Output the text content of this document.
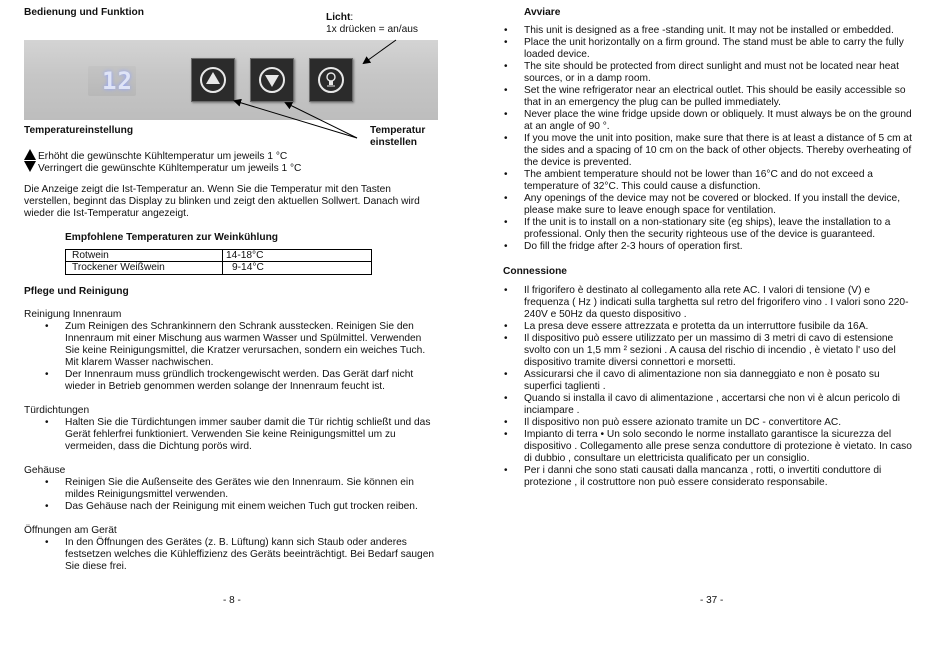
Bedienung und Funktion	Licht:
1x drücken = an/aus
12
Temperatureinstellung	Temperatur
einstellen
Erhöht die gewünschte Kühltemperatur um jeweils 1 °C
Verringert die gewünschte Kühltemperatur um jeweils 1 °C

Die Anzeige zeigt die Ist-Temperatur an. Wenn Sie die Temperatur mit den Tasten

verstellen, beginnt das Display zu blinken und zeigt den aktuellen Sollwert. Danach wird

wieder die Ist-Temperatur angezeigt.

Empfohlene Temperaturen zur Weinkühlung
Rotwein	14-18°C
Trockener Weißwein	9-14°C
Pflege und Reinigung
Reinigung Innenraum

• Zum Reinigen des Schrankinnern den Schrank ausstecken. Reinigen Sie den

Innenraum mit einer Mischung aus warmen Wasser und Spülmittel. Verwenden

Sie keine Reinigungsmittel, die Kratzer verursachen, sondern ein weiches Tuch.

Mit klarem Wasser nachwischen.

• Der Innenraum muss gründlich trockengewischt werden. Das Gerät darf nicht

wieder in Betrieb genommen werden solange der Innenraum feucht ist.

Türdichtungen

• Halten Sie die Türdichtungen immer sauber damit die Tür richtig schließt und das

Gerät fehlerfrei funktioniert. Verwenden Sie keine Reinigungsmittel um zu

vermeiden, dass die Dichtung porös wird.

Gehäuse

• Reinigen Sie die Außenseite des Gerätes wie den Innenraum. Sie können ein

mildes Reinigungsmittel verwenden.

• Das Gehäuse nach der Reinigung mit einem weichen Tuch gut trocken reiben.

Öffnungen am Gerät

• In den Öffnungen des Gerätes (z. B. Lüftung) kann sich Staub oder anderes

festsetzen welches die Kühleffizienz des Geräts beeinträchtigt. Bei Bedarf saugen

Sie diese frei.

- 8 -
Avviare

• This unit is designed as a free -standing unit. It may not be installed or embedded.

• Place the unit horizontally on a firm ground. The stand must be able to carry the fully

loaded device.

• The site should be protected from direct sunlight and must not be located near heat

sources, or in a damp room.

• Set the wine refrigerator near an electrical outlet. This should be easily accessible so

that in an emergency the plug can be pulled immediately.

• Never place the wine fridge upside down or obliquely. It must always be on the ground

at an angle of 90 °.

• If you move the unit into position, make sure that there is at least a distance of 5 cm at

the sides and a spacing of 10 cm on the back of other objects. Thereby overheating of

the device is prevented.

• The ambient temperature should not be lower than 16°C and do not exceed a

temperature of 32°C. This could cause a disfunction.

• Any openings of the device may not be covered or blocked. If you install the device,

please make sure to leave enough space for ventilation.

• If the unit is to install on a non-stationary site (eg ships), leave the installation to a

professional. Only then the security righteous use of the device is guaranteed.

• Do fill the fridge after 2-3 hours of operation first.

Connessione

• Il frigorifero è destinato al collegamento alla rete AC. I valori di tensione (V) e

frequenza ( Hz ) indicati sulla targhetta sul retro del frigorifero vino . I valori sono 220-

240V e 50Hz da questo dispositivo .

• La presa deve essere attrezzata e protetta da un interruttore fusibile da 16A.

• Il dispositivo può essere utilizzato per un massimo di 3 metri di cavo di estensione

svolto con un 1,5 mm ² sezioni . A causa del rischio di incendio , è vietato l' uso del

dispositivo tramite diversi connettori e morsetti.

• Assicurarsi che il cavo di alimentazione non sia danneggiato e non è posato su

superfici taglienti .

• Quando si installa il cavo di alimentazione , accertarsi che non vi è alcun pericolo di

inciampare .

• Il dispositivo non può essere azionato tramite un DC - convertitore AC.

• Impianto di terra • Un solo secondo le norme installato garantisce la sicurezza del

dispositivo . Collegamento alle prese senza conduttore di protezione è vietato. In caso

di dubbio , consultare un elettricista qualificato per un consiglio.

• Per i danni che sono stati causati dalla mancanza , rotti, o invertiti conduttore di

protezione , il costruttore non può essere considerato responsabile.

- 37 -
